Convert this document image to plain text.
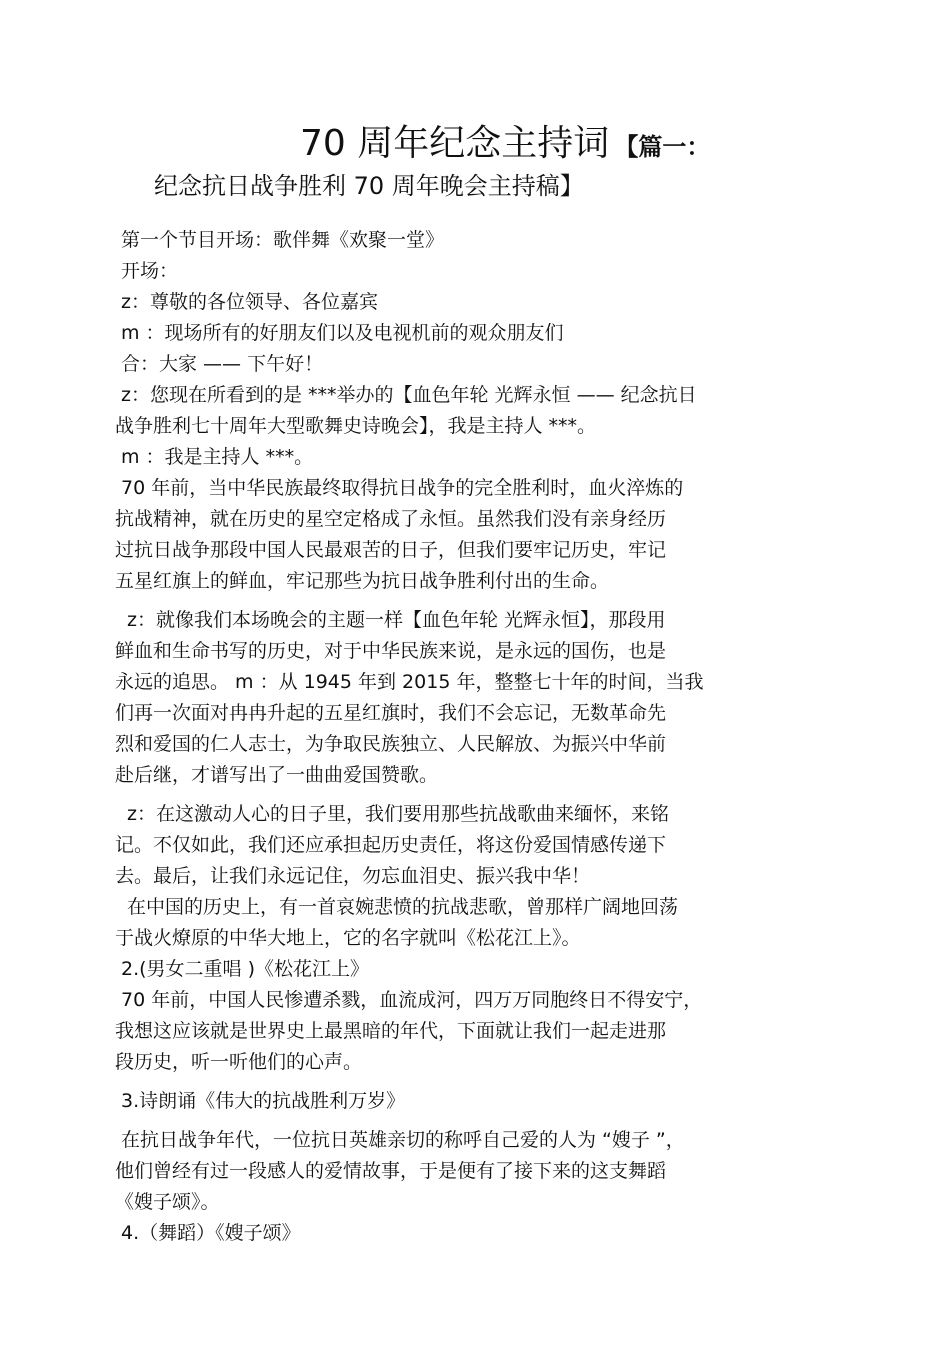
70 周年纪念主持词 【篇一：
纪念抗日战争胜利 70 周年晚会主持稿】
第一个节目开场：歌伴舞《欢聚一堂》
开场：
z：尊敬的各位领导、各位嘉宾
m ：现场所有的好朋友们以及电视机前的观众朋友们
合：大家 —— 下午好！
z：您现在所看到的是 ***举办的【血色年轮 光辉永恒 —— 纪念抗日
战争胜利七十周年大型歌舞史诗晚会】，我是主持人 ***。
m ：我是主持人 ***。
70 年前，当中华民族最终取得抗日战争的完全胜利时，血火淬炼的
抗战精神，就在历史的星空定格成了永恒。虽然我们没有亲身经历
过抗日战争那段中国人民最艰苦的日子，但我们要牢记历史，牢记
五星红旗上的鲜血，牢记那些为抗日战争胜利付出的生命。
z：就像我们本场晚会的主题一样【血色年轮 光辉永恒】，那段用
鲜血和生命书写的历史，对于中华民族来说，是永远的国伤，也是
永远的追思。 m ：从 1945 年到 2015 年，整整七十年的时间，当我
们再一次面对冉冉升起的五星红旗时，我们不会忘记，无数革命先
烈和爱国的仁人志士，为争取民族独立、人民解放、为振兴中华前
赴后继，才谱写出了一曲曲爱国赞歌。
z：在这激动人心的日子里，我们要用那些抗战歌曲来缅怀，来铭
记。不仅如此，我们还应承担起历史责任，将这份爱国情感传递下
去。最后，让我们永远记住，勿忘血泪史、振兴我中华！
在中国的历史上，有一首哀婉悲愤的抗战悲歌，曾那样广阔地回荡
于战火燎原的中华大地上，它的名字就叫《松花江上》。
2.(男女二重唱 )《松花江上》
70 年前，中国人民惨遭杀戮，血流成河，四万万同胞终日不得安宁，
我想这应该就是世界史上最黑暗的年代，下面就让我们一起走进那
段历史，听一听他们的心声。
3.诗朗诵《伟大的抗战胜利万岁》
在抗日战争年代，一位抗日英雄亲切的称呼自己爱的人为 “嫂子 ”，
他们曾经有过一段感人的爱情故事，于是便有了接下来的这支舞蹈
《嫂子颂》。
4.（舞蹈）《嫂子颂》
